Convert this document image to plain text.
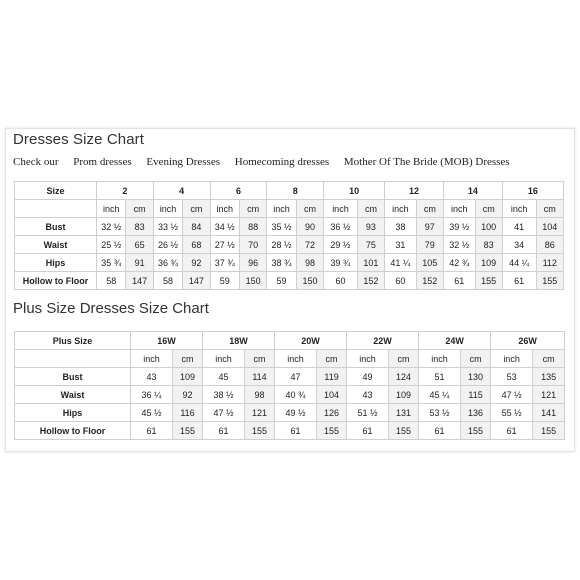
Dresses Size Chart
Check our Prom dresses Evening Dresses Homecoming dresses Mother Of The Bride (MOB) Dresses
Size	2		4		6		8		10		12		14		16	
	inch	cm	inch	cm	inch	cm	inch	cm	inch	cm	inch	cm	inch	cm	inch	cm
Bust	32 ½	83	33 ½	84	34 ½	88	35 ½	90	36 ½	93	38	97	39 ½	100	41	104
Waist	25 ½	65	26 ½	68	27 ½	70	28 ½	72	29 ½	75	31	79	32 ½	83	34	86
Hips	35 ¾	91	36 ¾	92	37 ¾	96	38 ¾	98	39 ¾	101	41 ¼	105	42 ¾	109	44 ¼	112
Hollow to Floor	58	147	58	147	59	150	59	150	60	152	60	152	61	155	61	155
Plus Size Dresses Size Chart
Plus Size	16W		18W		20W		22W		24W		26W	
	inch	cm	inch	cm	inch	cm	inch	cm	inch	cm	inch	cm
Bust	43	109	45	114	47	119	49	124	51	130	53	135
Waist	36 ¼	92	38 ½	98	40 ¾	104	43	109	45 ¼	115	47 ½	121
Hips	45 ½	116	47 ½	121	49 ½	126	51 ½	131	53 ½	136	55 ½	141
Hollow to Floor	61	155	61	155	61	155	61	155	61	155	61	155
